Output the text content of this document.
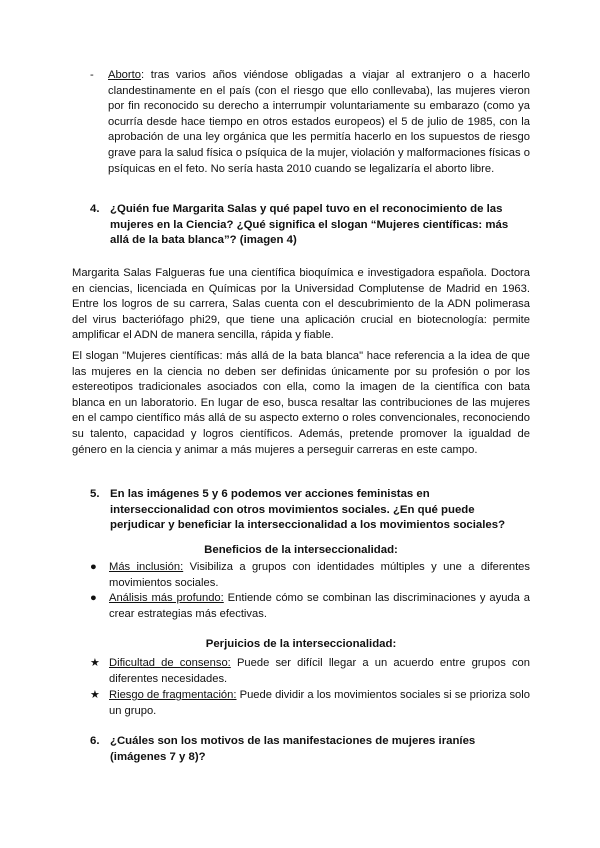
-	Aborto: tras varios años viéndose obligadas a viajar al extranjero o a hacerlo clandestinamente en el país (con el riesgo que ello conllevaba), las mujeres vieron por fin reconocido su derecho a interrumpir voluntariamente su embarazo (como ya ocurría desde hace tiempo en otros estados europeos) el 5 de julio de 1985, con la aprobación de una ley orgánica que les permitía hacerlo en los supuestos de riesgo grave para la salud física o psíquica de la mujer, violación y malformaciones físicas o psíquicas en el feto. No sería hasta 2010 cuando se legalizaría el aborto libre.

4. ¿Quién fue Margarita Salas y qué papel tuvo en el reconocimiento de las mujeres en la Ciencia? ¿Qué significa el slogan “Mujeres científicas: más allá de la bata blanca”? (imagen 4)

Margarita Salas Falgueras fue una científica bioquímica e investigadora española. Doctora en ciencias, licenciada en Químicas por la Universidad Complutense de Madrid en 1963. Entre los logros de su carrera, Salas cuenta con el descubrimiento de la ADN polimerasa del virus bacteriófago phi29, que tiene una aplicación crucial en biotecnología: permite amplificar el ADN de manera sencilla, rápida y fiable.

El slogan "Mujeres científicas: más allá de la bata blanca" hace referencia a la idea de que las mujeres en la ciencia no deben ser definidas únicamente por su profesión o por los estereotipos tradicionales asociados con ella, como la imagen de la científica con bata blanca en un laboratorio. En lugar de eso, busca resaltar las contribuciones de las mujeres en el campo científico más allá de su aspecto externo o roles convencionales, reconociendo su talento, capacidad y logros científicos. Además, pretende promover la igualdad de género en la ciencia y animar a más mujeres a perseguir carreras en este campo.

5. En las imágenes 5 y 6 podemos ver acciones feministas en interseccionalidad con otros movimientos sociales. ¿En qué puede perjudicar y beneficiar la interseccionalidad a los movimientos sociales?

Beneficios de la interseccionalidad:

●	Más inclusión: Visibiliza a grupos con identidades múltiples y une a diferentes movimientos sociales.

●	Análisis más profundo: Entiende cómo se combinan las discriminaciones y ayuda a crear estrategias más efectivas.

Perjuicios de la interseccionalidad:

★ Dificultad de consenso: Puede ser difícil llegar a un acuerdo entre grupos con diferentes necesidades.

★ Riesgo de fragmentación: Puede dividir a los movimientos sociales si se prioriza solo un grupo.

6. ¿Cuáles son los motivos de las manifestaciones de mujeres iraníes (imágenes 7 y 8)?
